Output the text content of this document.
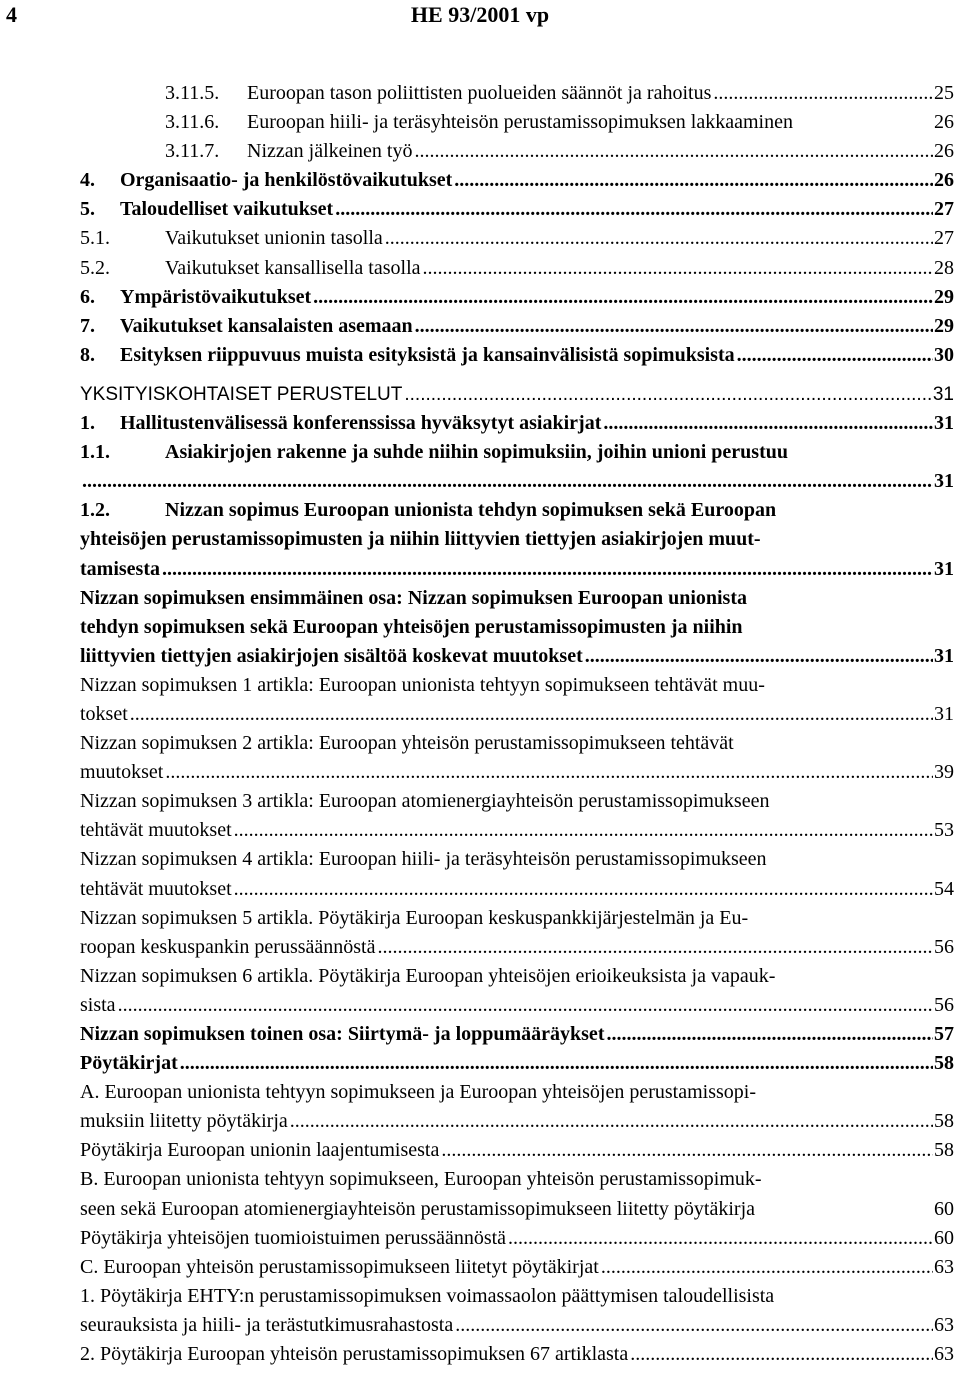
4	HE 93/2001 vp
3.11.5. Euroopan tason poliittisten puolueiden säännöt ja rahoitus .....	25
3.11.6. Euroopan hiili- ja teräsyhteisön perustamissopimuksen lakkaaminen	26
3.11.7. Nizzan jälkeinen työ .....	26
4. Organisaatio- ja henkilöstövaikutukset .....	26
5. Taloudelliset vaikutukset .....	27
5.1.	Vaikutukset unionin tasolla .....	27
5.2.	Vaikutukset kansallisella tasolla .....	28
6. Ympäristövaikutukset .....	29
7. Vaikutukset kansalaisten asemaan .....	29
8. Esityksen riippuvuus muista esityksistä ja kansainvälisistä sopimuksista .....	30
YKSITYISKOHTAISET PERUSTELUT .....	31
1. Hallitustenvälisessä konferenssissa hyväksytyt asiakirjat .....	31
1.1.	Asiakirjojen rakenne ja suhde niihin sopimuksiin, joihin unioni perustuu
.....
31
1.2.	Nizzan sopimus Euroopan unionista tehdyn sopimuksen sekä Euroopan
yhteisöjen perustamissopimusten ja niihin liittyvien tiettyjen asiakirjojen muut-
tamisesta .....	31
Nizzan sopimuksen ensimmäinen osa: Nizzan sopimuksen Euroopan unionista
tehdyn sopimuksen sekä Euroopan yhteisöjen perustamissopimusten ja niihin
liittyvien tiettyjen asiakirjojen sisältöä koskevat muutokset .....	31
Nizzan sopimuksen 1 artikla: Euroopan unionista tehtyyn sopimukseen tehtävät muu-
tokset .....	31
Nizzan sopimuksen 2 artikla: Euroopan yhteisön perustamissopimukseen tehtävät
muutokset .....	39
Nizzan sopimuksen 3 artikla: Euroopan atomienergiayhteisön perustamissopimukseen
tehtävät muutokset .....	53
Nizzan sopimuksen 4 artikla: Euroopan hiili- ja teräsyhteisön perustamissopimukseen
tehtävät muutokset .....	54
Nizzan sopimuksen 5 artikla. Pöytäkirja Euroopan keskuspankkijärjestelmän ja Eu-
roopan keskuspankin perussäännöstä .....	56
Nizzan sopimuksen 6 artikla. Pöytäkirja Euroopan yhteisöjen erioikeuksista ja vapauk-
sista .....	56
Nizzan sopimuksen toinen osa: Siirtymä- ja loppumääräykset .....	57
Pöytäkirjat .....	58
A. Euroopan unionista tehtyyn sopimukseen ja Euroopan yhteisöjen perustamissopi-
muksiin liitetty pöytäkirja .....	58
Pöytäkirja Euroopan unionin laajentumisesta .....	58
B. Euroopan unionista tehtyyn sopimukseen, Euroopan yhteisön perustamissopimuk-
seen sekä Euroopan atomienergiayhteisön perustamissopimukseen liitetty pöytäkirja	60
Pöytäkirja yhteisöjen tuomioistuimen perussäännöstä .....	60
C. Euroopan yhteisön perustamissopimukseen liitetyt pöytäkirjat .....	63
1. Pöytäkirja EHTY:n perustamissopimuksen voimassaolon päättymisen taloudellisista
seurauksista ja hiili- ja terästutkimusrahastosta .....	63
2. Pöytäkirja Euroopan yhteisön perustamissopimuksen 67 artiklasta .....	63
